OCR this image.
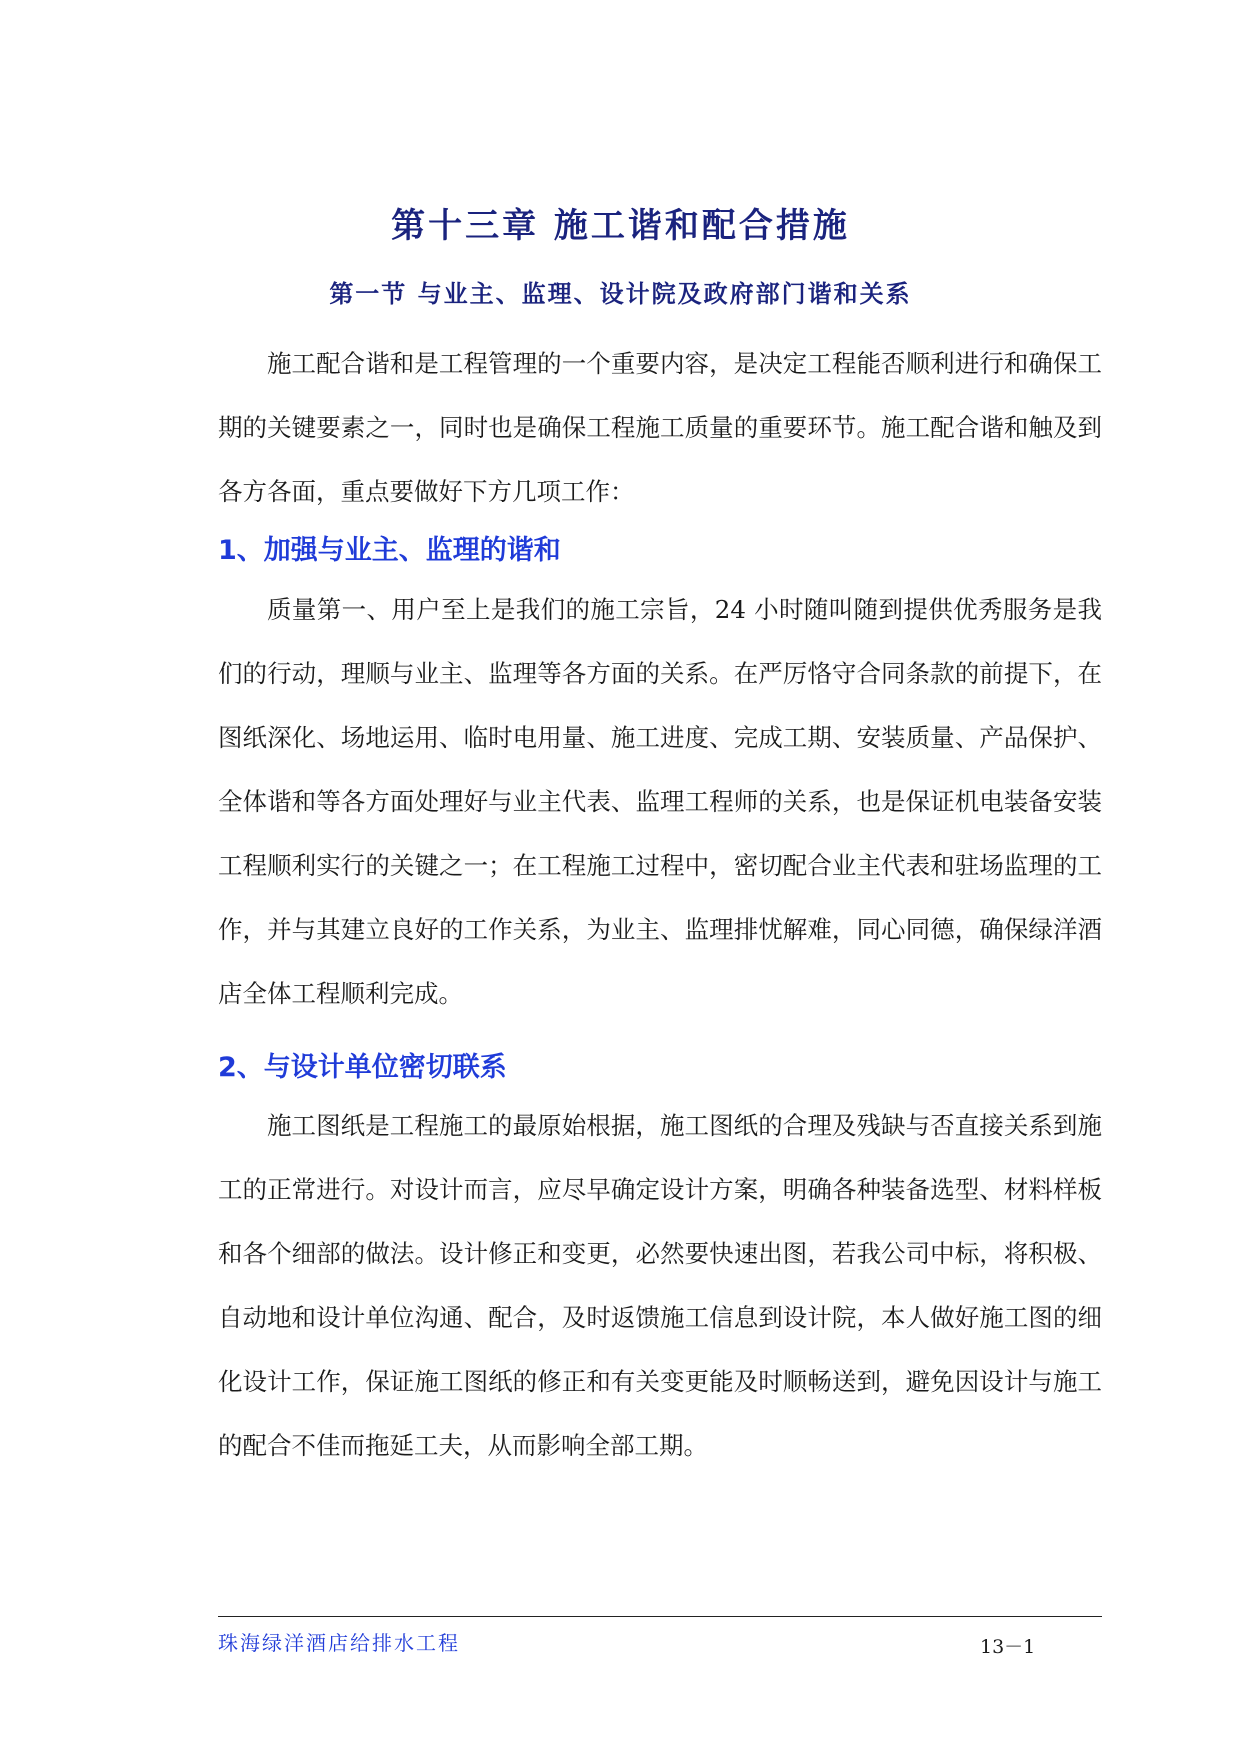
第十三章 施工谐和配合措施
第一节 与业主、监理、设计院及政府部门谐和关系

施工配合谐和是工程管理的一个重要内容，是决定工程能否顺利进行和确保工期的关键要素之一，同时也是确保工程施工质量的重要环节。施工配合谐和触及到各方各面，重点要做好下方几项工作：

1、加强与业主、监理的谐和

质量第一、用户至上是我们的施工宗旨，24 小时随叫随到提供优秀服务是我们的行动，理顺与业主、监理等各方面的关系。在严厉恪守合同条款的前提下，在图纸深化、场地运用、临时电用量、施工进度、完成工期、安装质量、产品保护、全体谐和等各方面处理好与业主代表、监理工程师的关系，也是保证机电装备安装工程顺利实行的关键之一；在工程施工过程中，密切配合业主代表和驻场监理的工作，并与其建立良好的工作关系，为业主、监理排忧解难，同心同德，确保绿洋酒店全体工程顺利完成。

2、与设计单位密切联系

施工图纸是工程施工的最原始根据，施工图纸的合理及残缺与否直接关系到施工的正常进行。对设计而言，应尽早确定设计方案，明确各种装备选型、材料样板和各个细部的做法。设计修正和变更，必然要快速出图，若我公司中标，将积极、自动地和设计单位沟通、配合，及时返馈施工信息到设计院，本人做好施工图的细化设计工作，保证施工图纸的修正和有关变更能及时顺畅送到，避免因设计与施工的配合不佳而拖延工夫，从而影响全部工期。

珠海绿洋酒店给排水工程	13－1
